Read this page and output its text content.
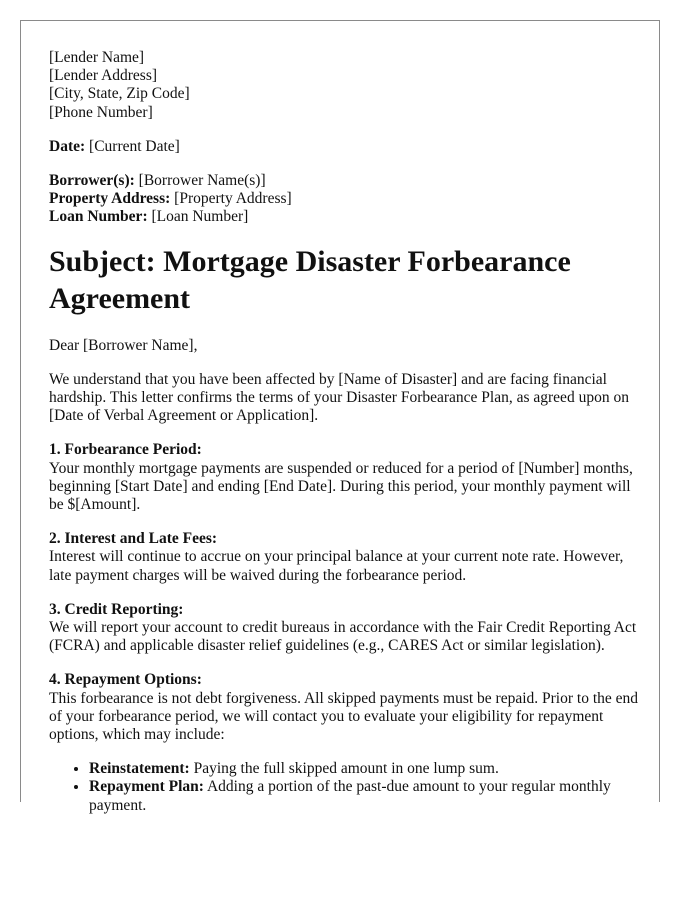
[Lender Name]

[Lender Address]

[City, State, Zip Code]

[Phone Number]

Date: [Current Date]

Borrower(s): [Borrower Name(s)]

Property Address: [Property Address]

Loan Number: [Loan Number]

Subject: Mortgage Disaster Forbearance Agreement

Dear [Borrower Name],

We understand that you have been affected by [Name of Disaster] and are facing financial hardship. This letter confirms the terms of your Disaster Forbearance Plan, as agreed upon on [Date of Verbal Agreement or Application].

1. Forbearance Period:

Your monthly mortgage payments are suspended or reduced for a period of [Number] months, beginning [Start Date] and ending [End Date]. During this period, your monthly payment will be $[Amount].

2. Interest and Late Fees:

Interest will continue to accrue on your principal balance at your current note rate. However, late payment charges will be waived during the forbearance period.

3. Credit Reporting:

We will report your account to credit bureaus in accordance with the Fair Credit Reporting Act (FCRA) and applicable disaster relief guidelines (e.g., CARES Act or similar legislation).

4. Repayment Options:

This forbearance is not debt forgiveness. All skipped payments must be repaid. Prior to the end of your forbearance period, we will contact you to evaluate your eligibility for repayment options, which may include:

• Reinstatement: Paying the full skipped amount in one lump sum.
• Repayment Plan: Adding a portion of the past-due amount to your regular monthly payment.
